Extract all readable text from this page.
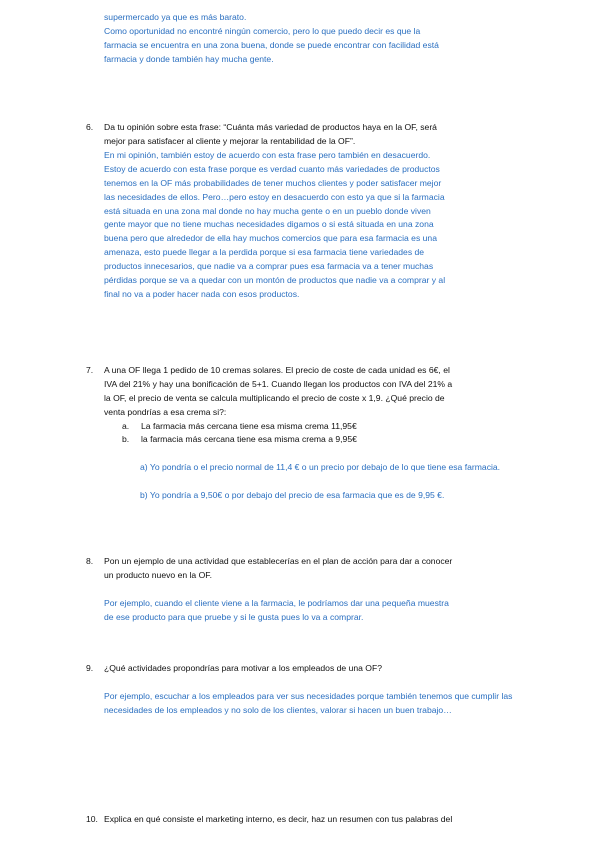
supermercado ya que es más barato.

Como oportunidad no encontré ningún comercio, pero lo que puedo decir es que la

farmacia se encuentra en una zona buena, donde se puede encontrar con facilidad está

farmacia y donde también hay mucha gente.

6. Da tu opinión sobre esta frase: “Cuánta más variedad de productos haya en la OF, será

mejor para satisfacer al cliente y mejorar la rentabilidad de la OF”.

En mi opinión, también estoy de acuerdo con esta frase pero también en desacuerdo.

Estoy de acuerdo con esta frase porque es verdad cuanto más variedades de productos

tenemos en la OF más probabilidades de tener muchos clientes y poder satisfacer mejor

las necesidades de ellos. Pero…pero estoy en desacuerdo con esto ya que si la farmacia

está situada en una zona mal donde no hay mucha gente o en un pueblo donde viven

gente mayor que no tiene muchas necesidades digamos o si está situada en una zona

buena pero que alrededor de ella hay muchos comercios que para esa farmacia es una

amenaza, esto puede llegar a la perdida porque si esa farmacia tiene variedades de

productos innecesarios, que nadie va a comprar pues esa farmacia va a tener muchas

pérdidas porque se va a quedar con un montón de productos que nadie va a comprar y al

final no va a poder hacer nada con esos productos.

7. A una OF llega 1 pedido de 10 cremas solares. El precio de coste de cada unidad es 6€, el

IVA del 21% y hay una bonificación de 5+1. Cuando llegan los productos con IVA del 21% a

la OF, el precio de venta se calcula multiplicando el precio de coste x 1,9. ¿Qué precio de

venta pondrías a esa crema si?:

a. La farmacia más cercana tiene esa misma crema 11,95€

b. la farmacia más cercana tiene esa misma crema a 9,95€

a) Yo pondría o el precio normal de 11,4 € o un precio por debajo de lo que tiene esa farmacia.

b) Yo pondría a 9,50€ o por debajo del precio de esa farmacia que es de 9,95 €.

8. Pon un ejemplo de una actividad que establecerías en el plan de acción para dar a conocer

un producto nuevo en la OF.

Por ejemplo, cuando el cliente viene a la farmacia, le podríamos dar una pequeña muestra

de ese producto para que pruebe y si le gusta pues lo va a comprar.

9. ¿Qué actividades propondrías para motivar a los empleados de una OF?

Por ejemplo, escuchar a los empleados para ver sus necesidades porque también tenemos que cumplir las

necesidades de los empleados y no solo de los clientes, valorar si hacen un buen trabajo…

10. Explica en qué consiste el marketing interno, es decir, haz un resumen con tus palabras del
